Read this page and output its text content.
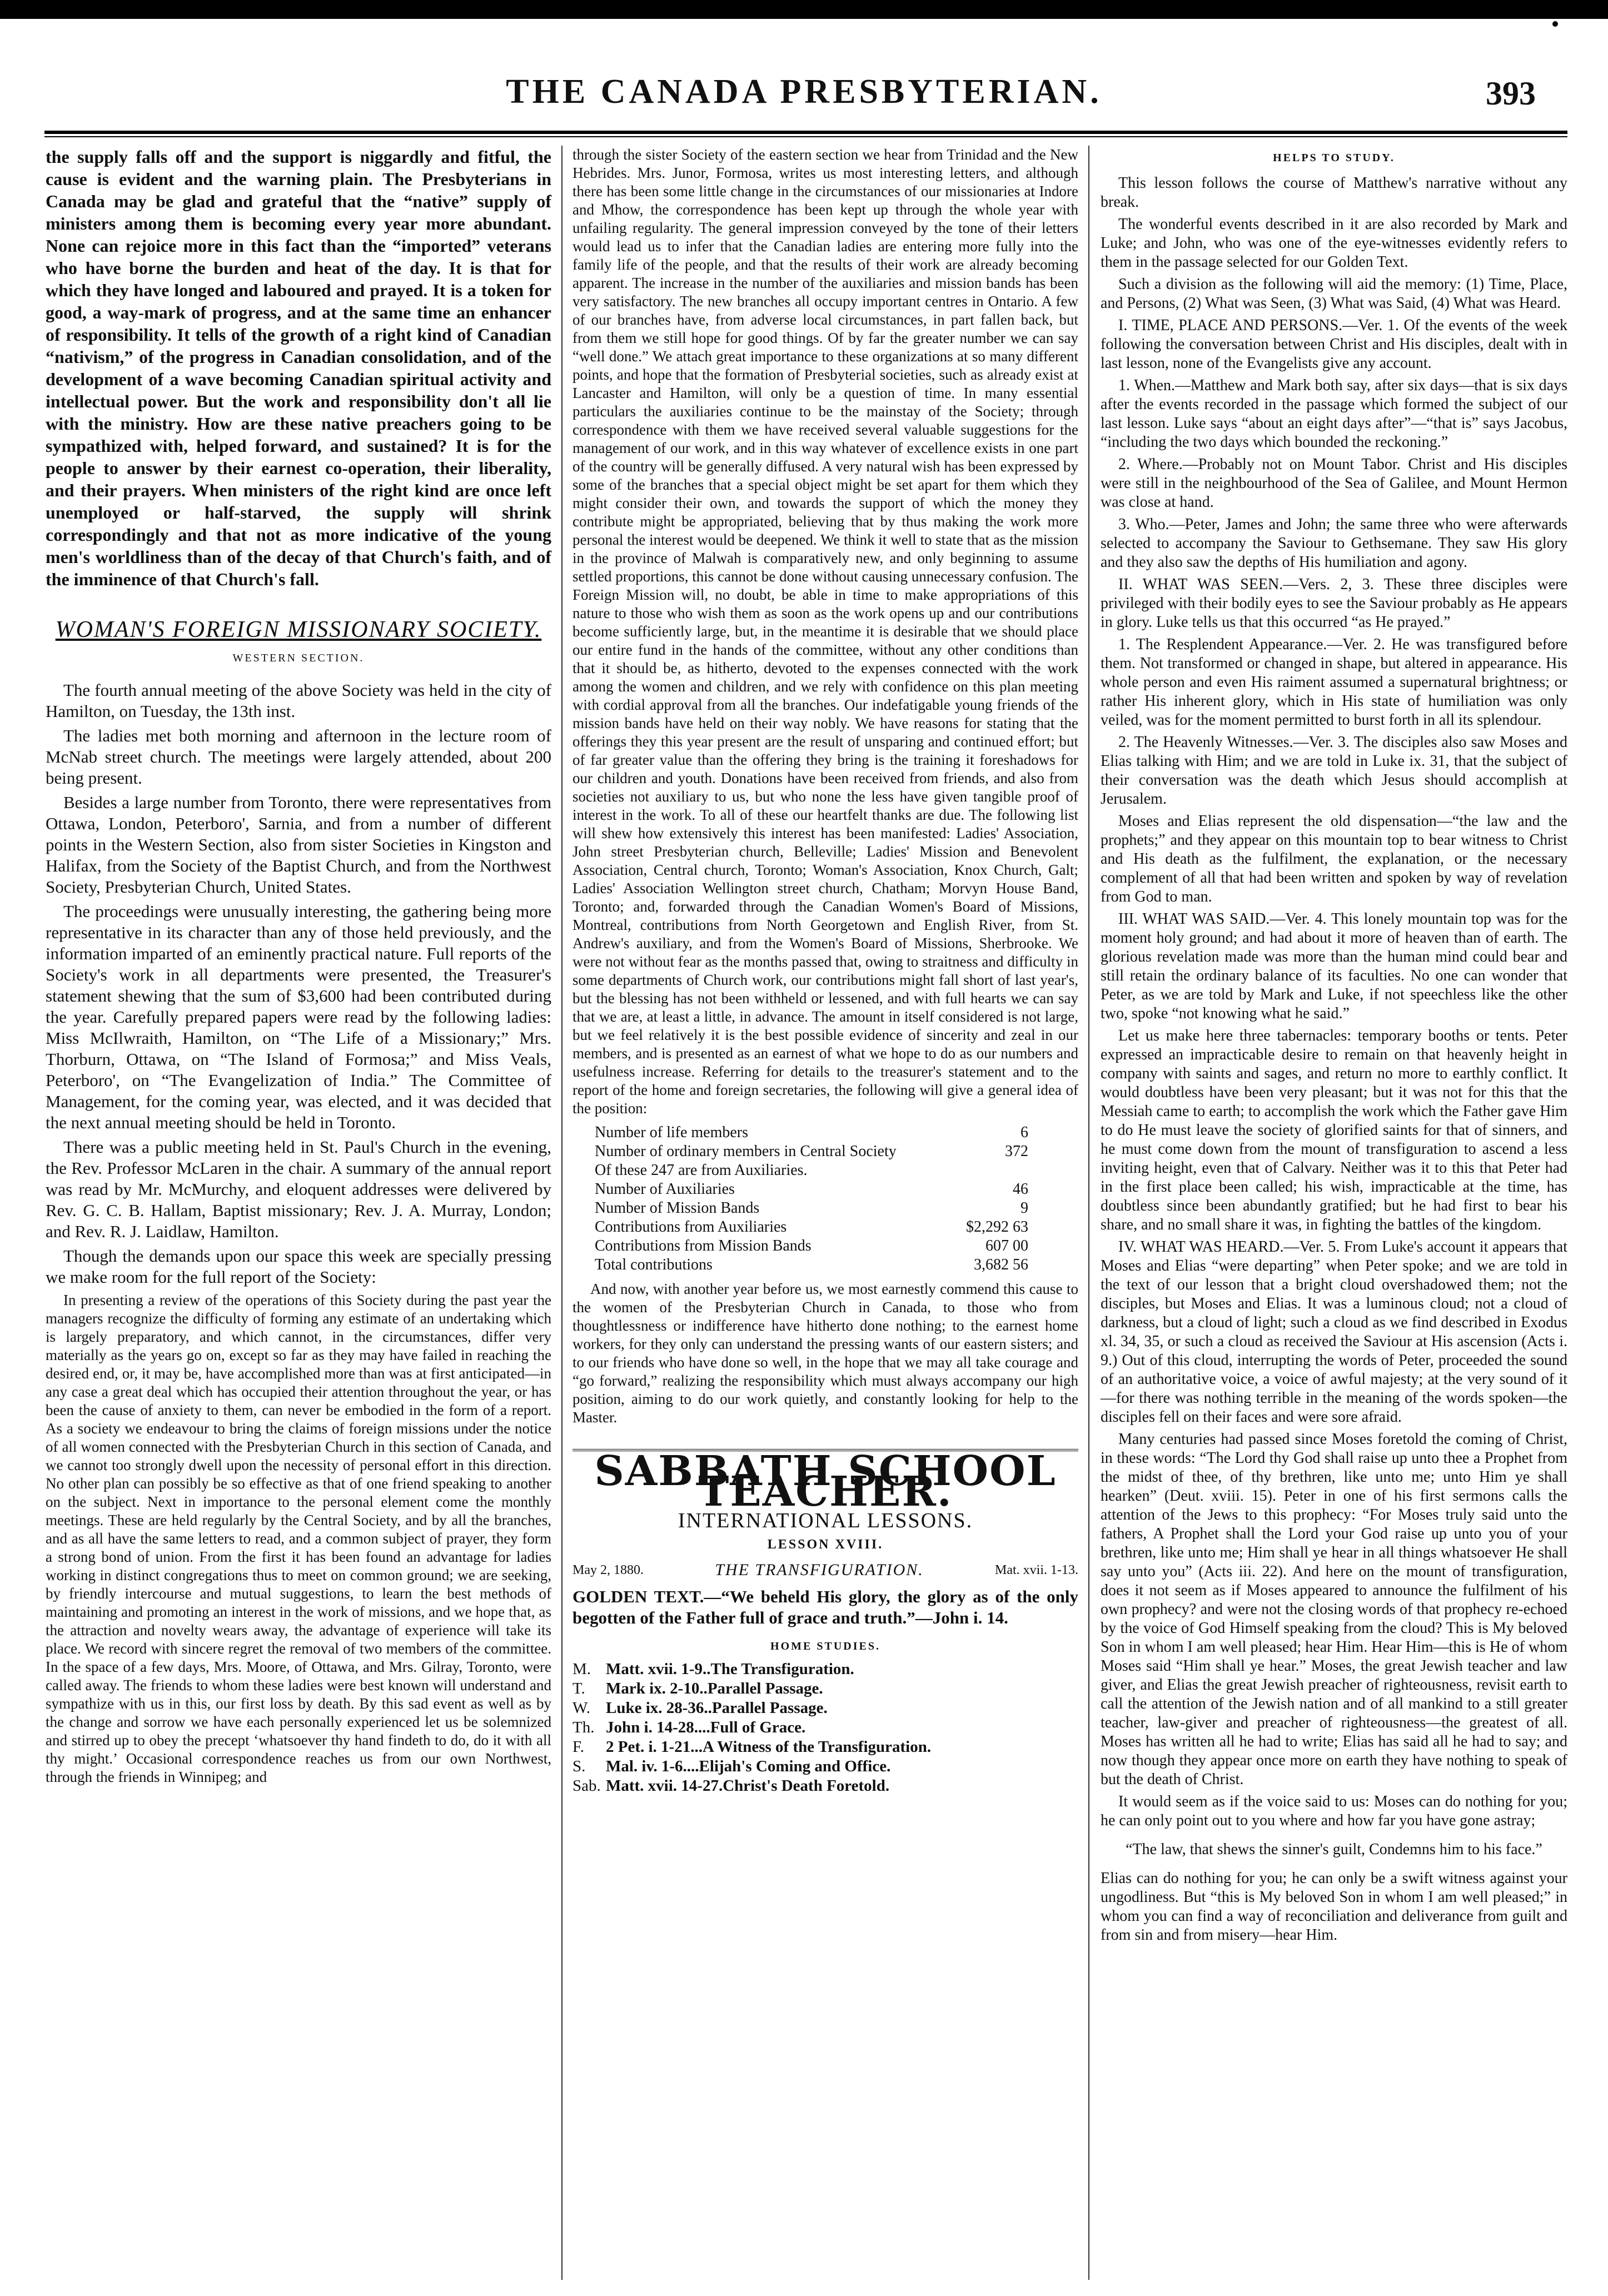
THE CANADA PRESBYTERIAN.	393

the supply falls off and the support is niggardly and fitful, the cause is evident and the warning plain. The Presbyterians in Canada may be glad and grateful that the “native” supply of ministers among them is becoming every year more abundant. None can rejoice more in this fact than the “imported” veterans who have borne the burden and heat of the day. It is that for which they have longed and laboured and prayed. It is a token for good, a way-mark of progress, and at the same time an enhancer of responsibility. It tells of the growth of a right kind of Canadian “nativism,” of the progress in Canadian consolidation, and of the development of a wave becoming Canadian spiritual activity and intellectual power. But the work and responsibility don't all lie with the ministry. How are these native preachers going to be sympathized with, helped forward, and sustained? It is for the people to answer by their earnest co-operation, their liberality, and their prayers. When ministers of the right kind are once left unemployed or half-starved, the supply will shrink correspondingly and that not as more indicative of the young men's worldliness than of the decay of that Church's faith, and of the imminence of that Church's fall.

WOMAN'S FOREIGN MISSIONARY SOCIETY.
WESTERN SECTION.

The fourth annual meeting of the above Society was held in the city of Hamilton, on Tuesday, the 13th inst.

The ladies met both morning and afternoon in the lecture room of McNab street church. The meetings were largely attended, about 200 being present.

Besides a large number from Toronto, there were representatives from Ottawa, London, Peterboro', Sarnia, and from a number of different points in the Western Section, also from sister Societies in Kingston and Halifax, from the Society of the Baptist Church, and from the Northwest Society, Presbyterian Church, United States.

The proceedings were unusually interesting, the gathering being more representative in its character than any of those held previously, and the information imparted of an eminently practical nature. Full reports of the Society's work in all departments were presented, the Treasurer's statement shewing that the sum of $3,600 had been contributed during the year. Carefully prepared papers were read by the following ladies: Miss McIlwraith, Hamilton, on “The Life of a Missionary;” Mrs. Thorburn, Ottawa, on “The Island of Formosa;” and Miss Veals, Peterboro', on “The Evangelization of India.” The Committee of Management, for the coming year, was elected, and it was decided that the next annual meeting should be held in Toronto.

There was a public meeting held in St. Paul's Church in the evening, the Rev. Professor McLaren in the chair. A summary of the annual report was read by Mr. McMurchy, and eloquent addresses were delivered by Rev. G. C. B. Hallam, Baptist missionary; Rev. J. A. Murray, London; and Rev. R. J. Laidlaw, Hamilton.

Though the demands upon our space this week are specially pressing we make room for the full report of the Society:

In presenting a review of the operations of this Society during the past year the managers recognize the difficulty of forming any estimate of an undertaking which is largely preparatory, and which cannot, in the circumstances, differ very materially as the years go on, except so far as they may have failed in reaching the desired end, or, it may be, have accomplished more than was at first anticipated—in any case a great deal which has occupied their attention throughout the year, or has been the cause of anxiety to them, can never be embodied in the form of a report. As a society we endeavour to bring the claims of foreign missions under the notice of all women connected with the Presbyterian Church in this section of Canada, and we cannot too strongly dwell upon the necessity of personal effort in this direction. No other plan can possibly be so effective as that of one friend speaking to another on the subject. Next in importance to the personal element come the monthly meetings. These are held regularly by the Central Society, and by all the branches, and as all have the same letters to read, and a common subject of prayer, they form a strong bond of union. From the first it has been found an advantage for ladies working in distinct congregations thus to meet on common ground; we are seeking, by friendly intercourse and mutual suggestions, to learn the best methods of maintaining and promoting an interest in the work of missions, and we hope that, as the attraction and novelty wears away, the advantage of experience will take its place. We record with sincere regret the removal of two members of the committee. In the space of a few days, Mrs. Moore, of Ottawa, and Mrs. Gilray, Toronto, were called away. The friends to whom these ladies were best known will understand and sympathize with us in this, our first loss by death. By this sad event as well as by the change and sorrow we have each personally experienced let us be solemnized and stirred up to obey the precept ‘whatsoever thy hand findeth to do, do it with all thy might.’ Occasional correspondence reaches us from our own Northwest, through the friends in Winnipeg; and

through the sister Society of the eastern section we hear from Trinidad and the New Hebrides. Mrs. Junor, Formosa, writes us most interesting letters, and although there has been some little change in the circumstances of our missionaries at Indore and Mhow, the correspondence has been kept up through the whole year with unfailing regularity. The general impression conveyed by the tone of their letters would lead us to infer that the Canadian ladies are entering more fully into the family life of the people, and that the results of their work are already becoming apparent. The increase in the number of the auxiliaries and mission bands has been very satisfactory. The new branches all occupy important centres in Ontario. A few of our branches have, from adverse local circumstances, in part fallen back, but from them we still hope for good things. Of by far the greater number we can say “well done.” We attach great importance to these organizations at so many different points, and hope that the formation of Presbyterial societies, such as already exist at Lancaster and Hamilton, will only be a question of time. In many essential particulars the auxiliaries continue to be the mainstay of the Society; through correspondence with them we have received several valuable suggestions for the management of our work, and in this way whatever of excellence exists in one part of the country will be generally diffused. A very natural wish has been expressed by some of the branches that a special object might be set apart for them which they might consider their own, and towards the support of which the money they contribute might be appropriated, believing that by thus making the work more personal the interest would be deepened. We think it well to state that as the mission in the province of Malwah is comparatively new, and only beginning to assume settled proportions, this cannot be done without causing unnecessary confusion. The Foreign Mission will, no doubt, be able in time to make appropriations of this nature to those who wish them as soon as the work opens up and our contributions become sufficiently large, but, in the meantime it is desirable that we should place our entire fund in the hands of the committee, without any other conditions than that it should be, as hitherto, devoted to the expenses connected with the work among the women and children, and we rely with confidence on this plan meeting with cordial approval from all the branches. Our indefatigable young friends of the mission bands have held on their way nobly. We have reasons for stating that the offerings they this year present are the result of unsparing and continued effort; but of far greater value than the offering they bring is the training it foreshadows for our children and youth. Donations have been received from friends, and also from societies not auxiliary to us, but who none the less have given tangible proof of interest in the work. To all of these our heartfelt thanks are due. The following list will shew how extensively this interest has been manifested: Ladies' Association, John street Presbyterian church, Belleville; Ladies' Mission and Benevolent Association, Central church, Toronto; Woman's Association, Knox Church, Galt; Ladies' Association Wellington street church, Chatham; Morvyn House Band, Toronto; and, forwarded through the Canadian Women's Board of Missions, Montreal, contributions from North Georgetown and English River, from St. Andrew's auxiliary, and from the Women's Board of Missions, Sherbrooke. We were not without fear as the months passed that, owing to straitness and difficulty in some departments of Church work, our contributions might fall short of last year's, but the blessing has not been withheld or lessened, and with full hearts we can say that we are, at least a little, in advance. The amount in itself considered is not large, but we feel relatively it is the best possible evidence of sincerity and zeal in our members, and is presented as an earnest of what we hope to do as our numbers and usefulness increase. Referring for details to the treasurer's statement and to the report of the home and foreign secretaries, the following will give a general idea of the position:

Number of life members	6
Number of ordinary members in Central Society	372
Of these 247 are from Auxiliaries.
Number of Auxiliaries	46
Number of Mission Bands	9
Contributions from Auxiliaries	$2,292 63
Contributions from Mission Bands	607 00
Total contributions	3,682 56

And now, with another year before us, we most earnestly commend this cause to the women of the Presbyterian Church in Canada, to those who from thoughtlessness or indifference have hitherto done nothing; to the earnest home workers, for they only can understand the pressing wants of our eastern sisters; and to our friends who have done so well, in the hope that we may all take courage and “go forward,” realizing the responsibility which must always accompany our high position, aiming to do our work quietly, and constantly looking for help to the Master.

SABBATH SCHOOL TEACHER.
INTERNATIONAL LESSONS.
LESSON XVIII.
May 2, 1880.	THE TRANSFIGURATION.	Mat. xvii. 1-13.
GOLDEN TEXT.—“We beheld His glory, the glory as of the only begotten of the Father full of grace and truth.”—John i. 14.
HOME STUDIES.
M. Matt. xvii. 1-9..The Transfiguration.
T.	Mark ix. 2-10..Parallel Passage.
W. Luke ix. 28-36..Parallel Passage.
Th. John i. 14-28....Full of Grace.
F.	2 Pet. i. 1-21...A Witness of the Transfiguration.
S.	Mal. iv. 1-6....Elijah's Coming and Office.
Sab. Matt. xvii. 14-27.Christ's Death Foretold.
HELPS TO STUDY.

This lesson follows the course of Matthew's narrative without any break.

The wonderful events described in it are also recorded by Mark and Luke; and John, who was one of the eye-witnesses evidently refers to them in the passage selected for our Golden Text.

Such a division as the following will aid the memory: (1) Time, Place, and Persons, (2) What was Seen, (3) What was Said, (4) What was Heard.

I. TIME, PLACE AND PERSONS.—Ver. 1. Of the events of the week following the conversation between Christ and His disciples, dealt with in last lesson, none of the Evangelists give any account.

1. When.—Matthew and Mark both say, after six days—that is six days after the events recorded in the passage which formed the subject of our last lesson. Luke says “about an eight days after”—“that is” says Jacobus, “including the two days which bounded the reckoning.”

2. Where.—Probably not on Mount Tabor. Christ and His disciples were still in the neighbourhood of the Sea of Galilee, and Mount Hermon was close at hand.

3. Who.—Peter, James and John; the same three who were afterwards selected to accompany the Saviour to Gethsemane. They saw His glory and they also saw the depths of His humiliation and agony.

II. WHAT WAS SEEN.—Vers. 2, 3. These three disciples were privileged with their bodily eyes to see the Saviour probably as He appears in glory. Luke tells us that this occurred “as He prayed.”

1. The Resplendent Appearance.—Ver. 2. He was transfigured before them. Not transformed or changed in shape, but altered in appearance. His whole person and even His raiment assumed a supernatural brightness; or rather His inherent glory, which in His state of humiliation was only veiled, was for the moment permitted to burst forth in all its splendour.

2. The Heavenly Witnesses.—Ver. 3. The disciples also saw Moses and Elias talking with Him; and we are told in Luke ix. 31, that the subject of their conversation was the death which Jesus should accomplish at Jerusalem.

Moses and Elias represent the old dispensation—“the law and the prophets;” and they appear on this mountain top to bear witness to Christ and His death as the fulfilment, the explanation, or the necessary complement of all that had been written and spoken by way of revelation from God to man.

III. WHAT WAS SAID.—Ver. 4. This lonely mountain top was for the moment holy ground; and had about it more of heaven than of earth. The glorious revelation made was more than the human mind could bear and still retain the ordinary balance of its faculties. No one can wonder that Peter, as we are told by Mark and Luke, if not speechless like the other two, spoke “not knowing what he said.”

Let us make here three tabernacles: temporary booths or tents. Peter expressed an impracticable desire to remain on that heavenly height in company with saints and sages, and return no more to earthly conflict. It would doubtless have been very pleasant; but it was not for this that the Messiah came to earth; to accomplish the work which the Father gave Him to do He must leave the society of glorified saints for that of sinners, and he must come down from the mount of transfiguration to ascend a less inviting height, even that of Calvary. Neither was it to this that Peter had in the first place been called; his wish, impracticable at the time, has doubtless since been abundantly gratified; but he had first to bear his share, and no small share it was, in fighting the battles of the kingdom.

IV. WHAT WAS HEARD.—Ver. 5. From Luke's account it appears that Moses and Elias “were departing” when Peter spoke; and we are told in the text of our lesson that a bright cloud overshadowed them; not the disciples, but Moses and Elias. It was a luminous cloud; not a cloud of darkness, but a cloud of light; such a cloud as we find described in Exodus xl. 34, 35, or such a cloud as received the Saviour at His ascension (Acts i. 9.) Out of this cloud, interrupting the words of Peter, proceeded the sound of an authoritative voice, a voice of awful majesty; at the very sound of it—for there was nothing terrible in the meaning of the words spoken—the disciples fell on their faces and were sore afraid.

Many centuries had passed since Moses foretold the coming of Christ, in these words: “The Lord thy God shall raise up unto thee a Prophet from the midst of thee, of thy brethren, like unto me; unto Him ye shall hearken” (Deut. xviii. 15). Peter in one of his first sermons calls the attention of the Jews to this prophecy: “For Moses truly said unto the fathers, A Prophet shall the Lord your God raise up unto you of your brethren, like unto me; Him shall ye hear in all things whatsoever He shall say unto you” (Acts iii. 22). And here on the mount of transfiguration, does it not seem as if Moses appeared to announce the fulfilment of his own prophecy? and were not the closing words of that prophecy re-echoed by the voice of God Himself speaking from the cloud? This is My beloved Son in whom I am well pleased; hear Him. Hear Him—this is He of whom Moses said “Him shall ye hear.” Moses, the great Jewish teacher and law giver, and Elias the great Jewish preacher of righteousness, revisit earth to call the attention of the Jewish nation and of all mankind to a still greater teacher, law-giver and preacher of righteousness—the greatest of all. Moses has written all he had to write; Elias has said all he had to say; and now though they appear once more on earth they have nothing to speak of but the death of Christ.

It would seem as if the voice said to us: Moses can do nothing for you; he can only point out to you where and how far you have gone astray;

“The law, that shews the sinner's guilt, Condemns him to his face.”

Elias can do nothing for you; he can only be a swift witness against your ungodliness. But “this is My beloved Son in whom I am well pleased;” in whom you can find a way of reconciliation and deliverance from guilt and from sin and from misery—hear Him.
